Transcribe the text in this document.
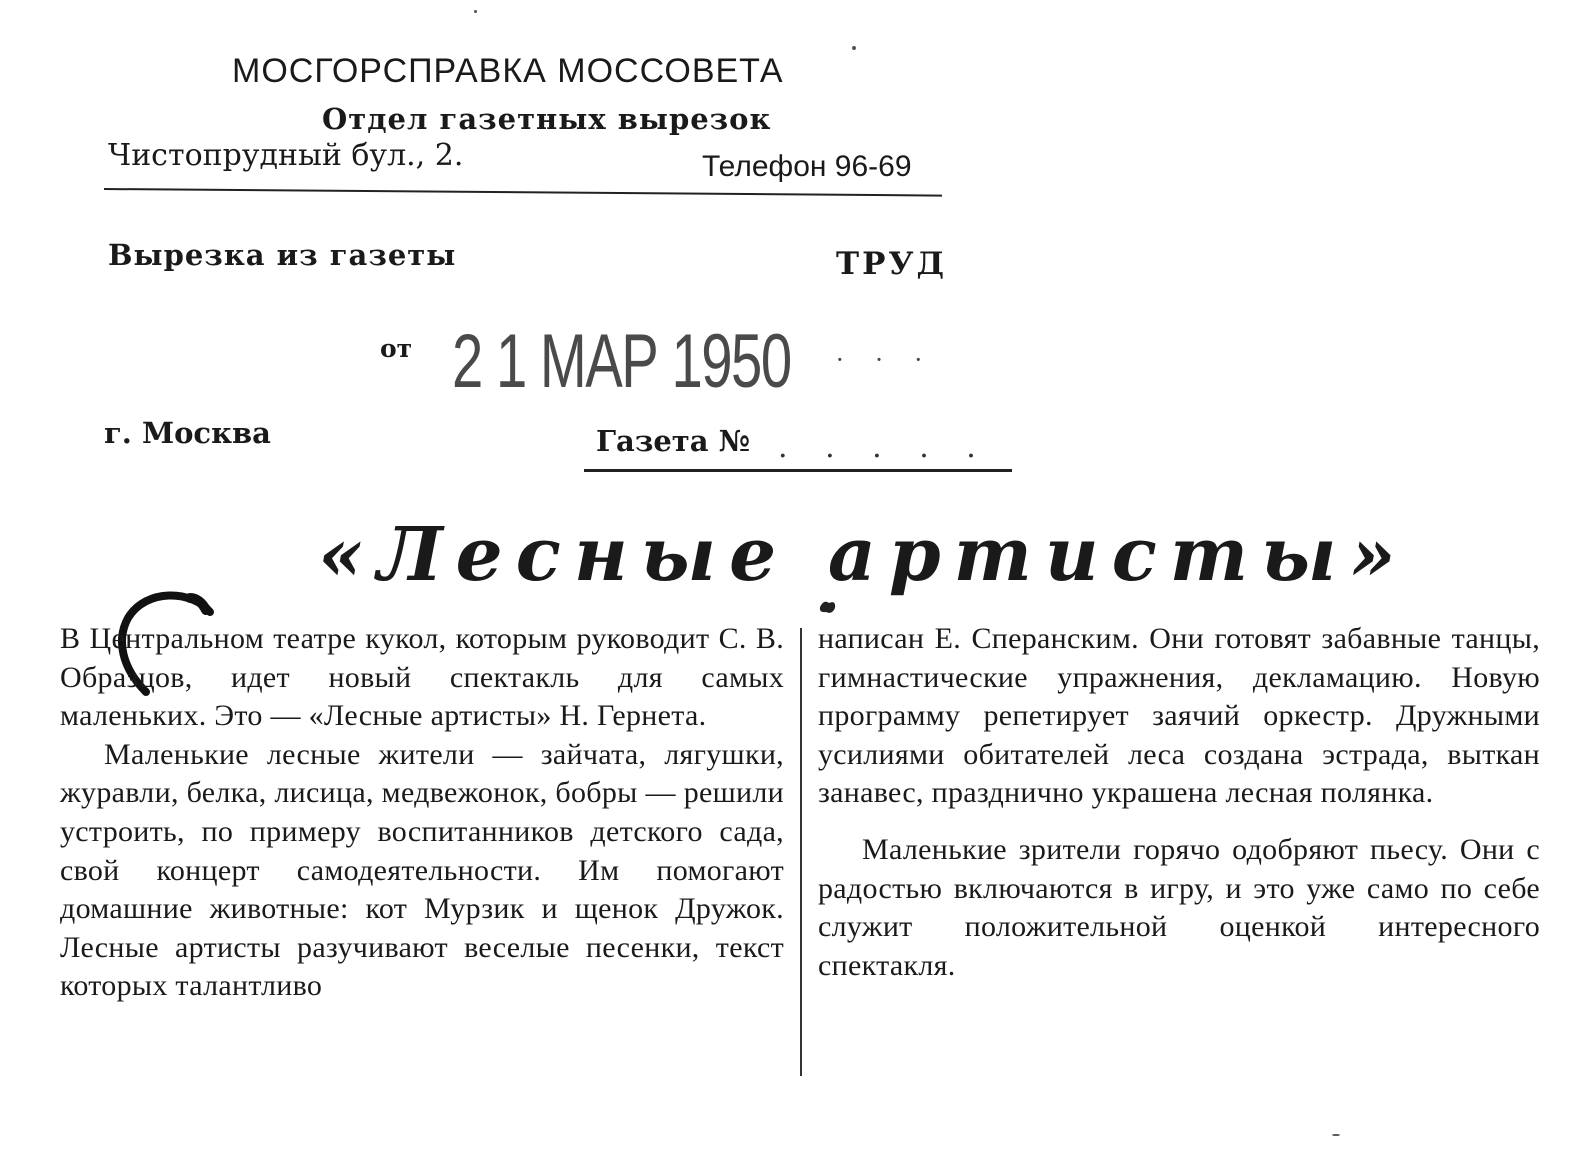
МОСГОРСПРАВКА МОССОВЕТА
Отдел газетных вырезок
Чистопрудный бул., 2.	Телефон 96-69
Вырезка из газеты	ТРУД
от 2 1 МАР 1950 · · ·
г. Москва	Газета № . . . . .
«Лесные артисты»

В Центральном театре кукол, которым руководит С. В. Образцов, идет новый спектакль для самых маленьких. Это — «Лесные артисты» Н. Гернета.

Маленькие лесные жители — зайчата, лягушки, журавли, белка, лисица, медвежонок, бобры — решили устроить, по примеру воспитанников детского сада, свой концерт самодеятельности. Им помогают домашние животные: кот Мурзик и щенок Дружок. Лесные артисты разучивают веселые песенки, текст которых талантливо

написан Е. Сперанским. Они готовят забавные танцы, гимнастические упражнения, декламацию. Новую программу репетирует заячий оркестр. Дружными усилиями обитателей леса создана эстрада, выткан занавес, празднично украшена лесная полянка.

Маленькие зрители горячо одобряют пьесу. Они с радостью включаются в игру, и это уже само по себе служит положительной оценкой интересного спектакля.
